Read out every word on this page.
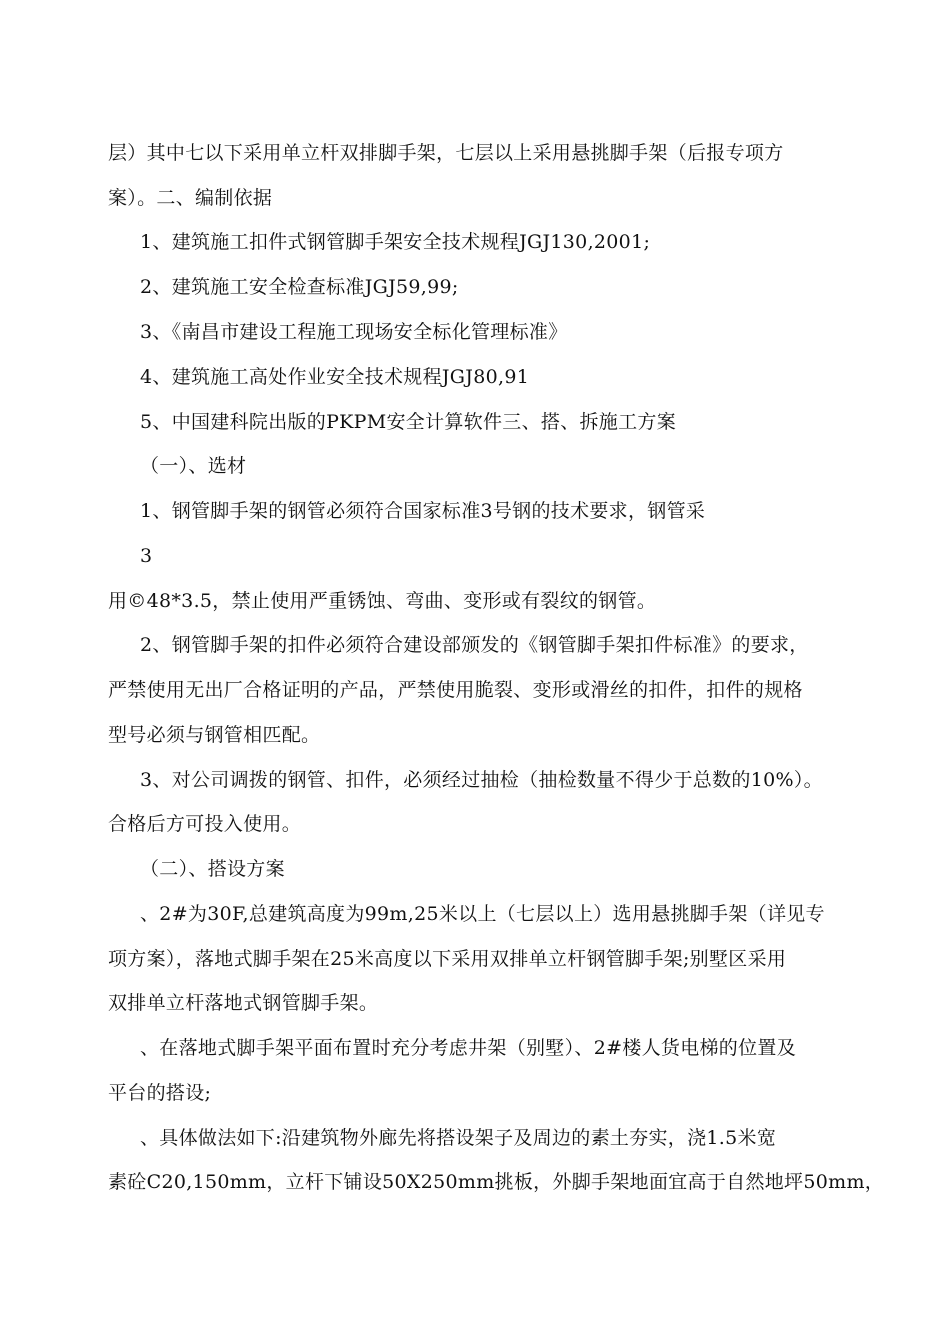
层）其中七以下采用单立杆双排脚手架，七层以上采用悬挑脚手架（后报专项方
案）。二、编制依据
1、建筑施工扣件式钢管脚手架安全技术规程JGJ130,2001;
2、建筑施工安全检查标准JGJ59,99;
3、《南昌市建设工程施工现场安全标化管理标准》
4、建筑施工高处作业安全技术规程JGJ80,91
5、中国建科院出版的PKPM安全计算软件三、搭、拆施工方案
（一）、选材
1、钢管脚手架的钢管必须符合国家标准3号钢的技术要求，钢管采
3
用©48*3.5，禁止使用严重锈蚀、弯曲、变形或有裂纹的钢管。
2、钢管脚手架的扣件必须符合建设部颁发的《钢管脚手架扣件标准》的要求，
严禁使用无出厂合格证明的产品，严禁使用脆裂、变形或滑丝的扣件，扣件的规格
型号必须与钢管相匹配。
3、对公司调拨的钢管、扣件，必须经过抽检（抽检数量不得少于总数的10%）。
合格后方可投入使用。
（二）、搭设方案
、2#为30F,总建筑高度为99m,25米以上（七层以上）选用悬挑脚手架（详见专
项方案），落地式脚手架在25米高度以下采用双排单立杆钢管脚手架;别墅区采用
双排单立杆落地式钢管脚手架。
、在落地式脚手架平面布置时充分考虑井架（别墅）、2#楼人货电梯的位置及
平台的搭设;
、具体做法如下:沿建筑物外廊先将搭设架子及周边的素土夯实，浇1.5米宽
素砼C20,150mm，立杆下铺设50X250mm挑板，外脚手架地面宜高于自然地坪50mm，
